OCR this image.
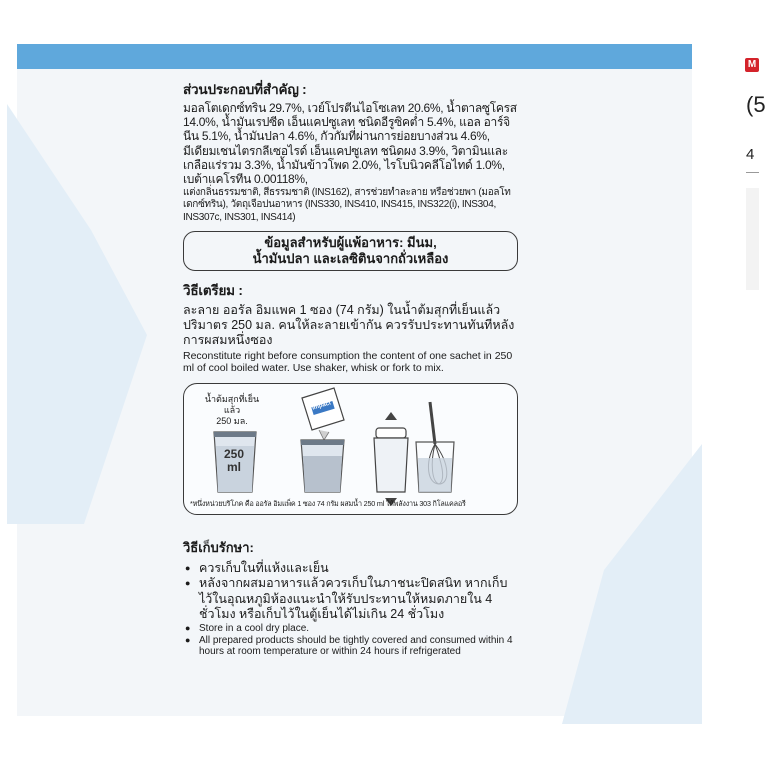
ส่วนประกอบที่สำคัญ :

มอลโตเดกซ์ทริน 29.7%, เวย์โปรตีนไอโซเลท 20.6%, น้ำตาลซูโครส 14.0%, น้ำมันเรปซีด เอ็นแคปซูเลท ชนิดอีรูซิคต่ำ 5.4%, แอล อาร์จินีน 5.1%, น้ำมันปลา 4.6%, กัวกัมที่ผ่านการย่อยบางส่วน 4.6%, มีเดียมเชนไตรกลีเซอไรด์ เอ็นแคปซูเลท ชนิดผง 3.9%, วิตามินและเกลือแร่รวม 3.3%, น้ำมันข้าวโพด 2.0%, ไรโบนิวคลีโอไทด์ 1.0%, เบต้าแคโรทีน 0.00118%,

แต่งกลิ่นธรรมชาติ, สีธรรมชาติ (INS162), สารช่วยทำละลาย หรือช่วยพา (มอลโทเดกซ์ทริน), วัตถุเจือปนอาหาร (INS330, INS410, INS415, INS322(i), INS304, INS307c, INS301, INS414)

ข้อมูลสำหรับผู้แพ้อาหาร: มีนม,
น้ำมันปลา และเลซิตินจากถั่วเหลือง
วิธีเตรียม :

ละลาย ออรัล อิมแพค 1 ซอง (74 กรัม) ในน้ำต้มสุกที่เย็นแล้ว ปริมาตร 250 มล. คนให้ละลายเข้ากัน ควรรับประทานทันทีหลังการผสมหนึ่งซอง

Reconstitute right before consumption the content of one sachet in 250 ml of cool boiled water. Use shaker, whisk or fork to mix.

น้ำต้มสุกที่เย็นแล้ว
250 มล.
250
ml
Impact
*หนึ่งหน่วยบริโภค คือ ออรัล อิมแพ็ค 1 ซอง 74 กรัม ผสมน้ำ 250 ml ให้พลังงาน 303 กิโลแคลอรี
วิธีเก็บรักษา:
● ควรเก็บในที่แห้งและเย็น
● หลังจากผสมอาหารแล้วควรเก็บในภาชนะปิดสนิท หากเก็บไว้ในอุณหภูมิห้องแนะนำให้รับประทานให้หมดภายใน 4 ชั่วโมง หรือเก็บไว้ในตู้เย็นได้ไม่เกิน 24 ชั่วโมง
● Store in a cool dry place.
● All prepared products should be tightly covered and consumed within 4 hours at room temperature or within 24 hours if refrigerated
M
(5
4
